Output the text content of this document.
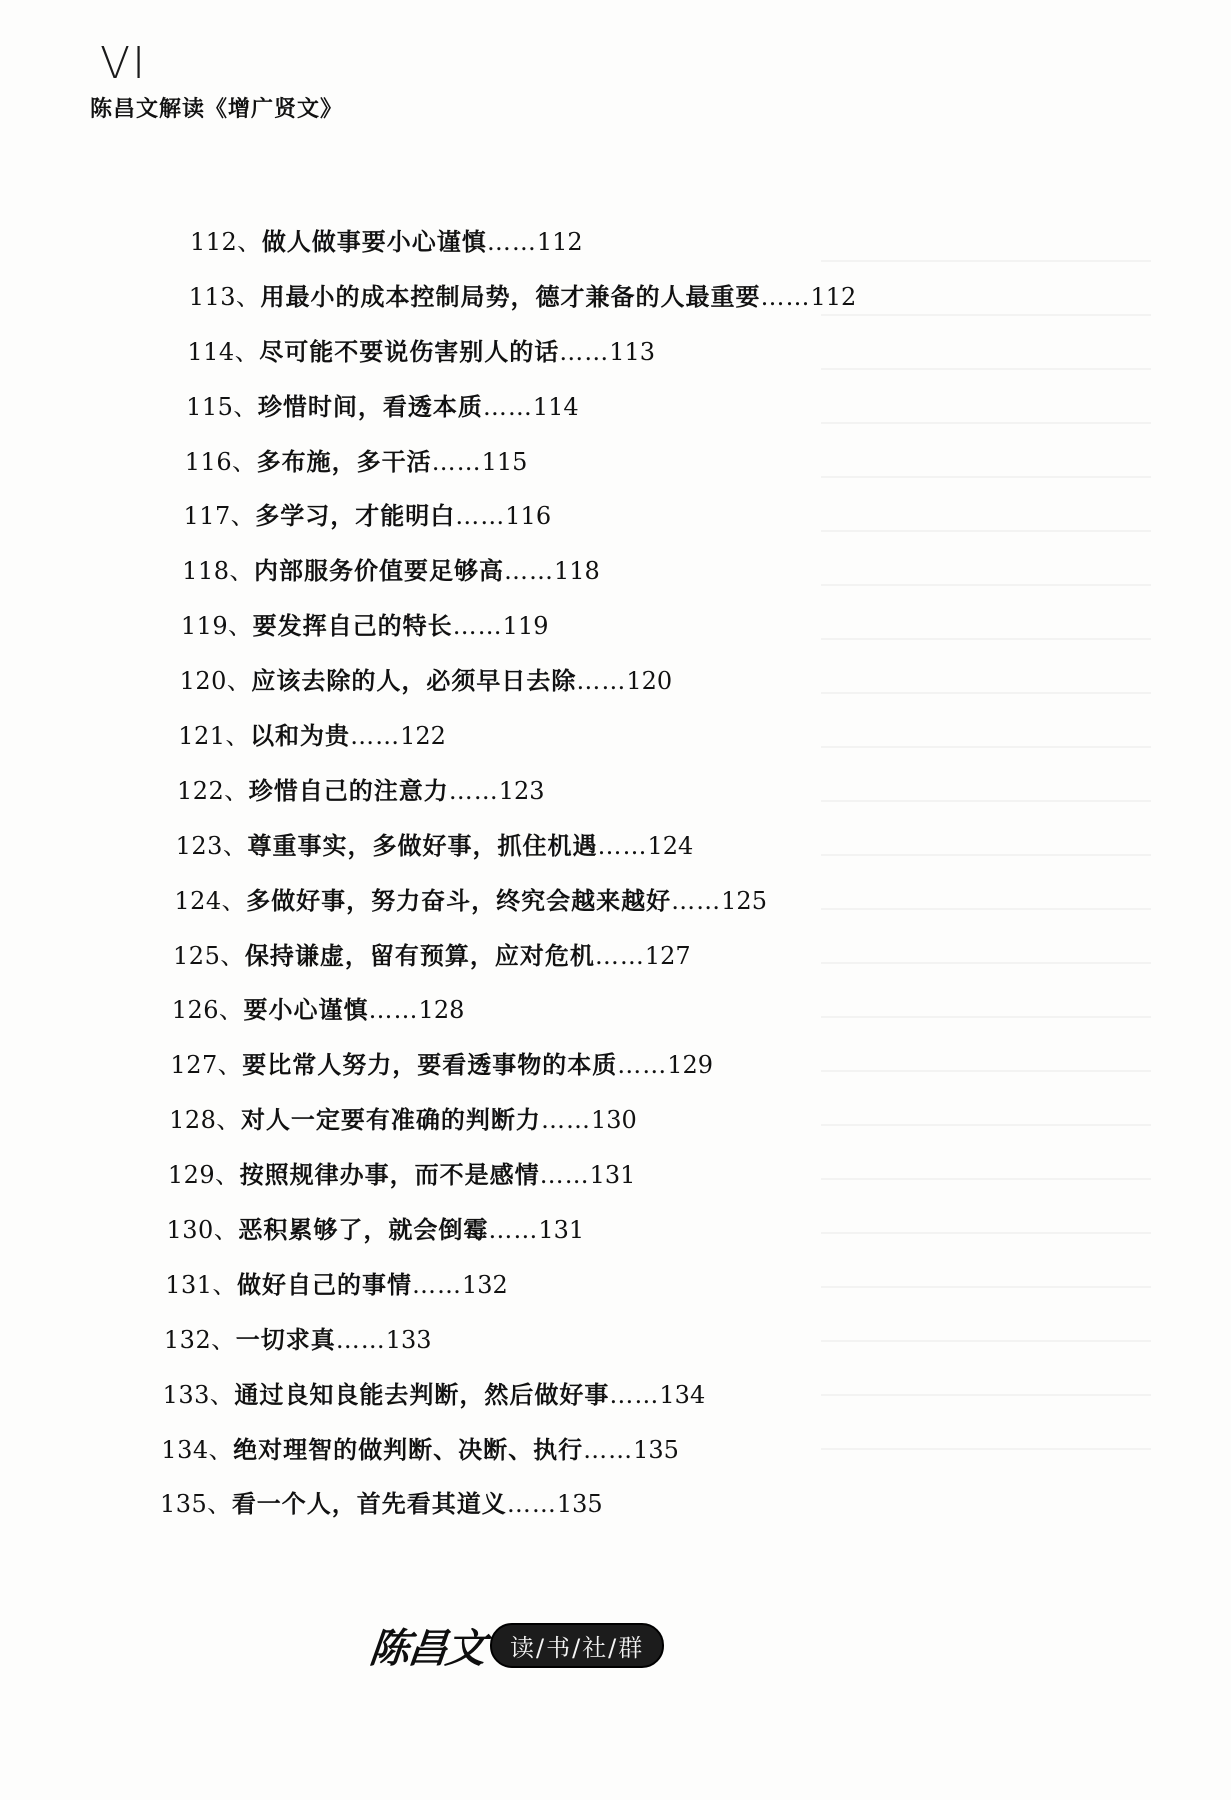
VI
陈昌文解读《增广贤文》
112、做人做事要小心谨慎……112
113、用最小的成本控制局势，德才兼备的人最重要……112
114、尽可能不要说伤害别人的话……113
115、珍惜时间，看透本质……114
116、多布施，多干活……115
117、多学习，才能明白……116
118、内部服务价值要足够高……118
119、要发挥自己的特长……119
120、应该去除的人，必须早日去除……120
121、以和为贵……122
122、珍惜自己的注意力……123
123、尊重事实，多做好事，抓住机遇……124
124、多做好事，努力奋斗，终究会越来越好……125
125、保持谦虚，留有预算，应对危机……127
126、要小心谨慎……128
127、要比常人努力，要看透事物的本质……129
128、对人一定要有准确的判断力……130
129、按照规律办事，而不是感情……131
130、恶积累够了，就会倒霉……131
131、做好自己的事情……132
132、一切求真……133
133、通过良知良能去判断，然后做好事……134
134、绝对理智的做判断、决断、执行……135
135、看一个人，首先看其道义……135
陈昌文 读/书/社/群
